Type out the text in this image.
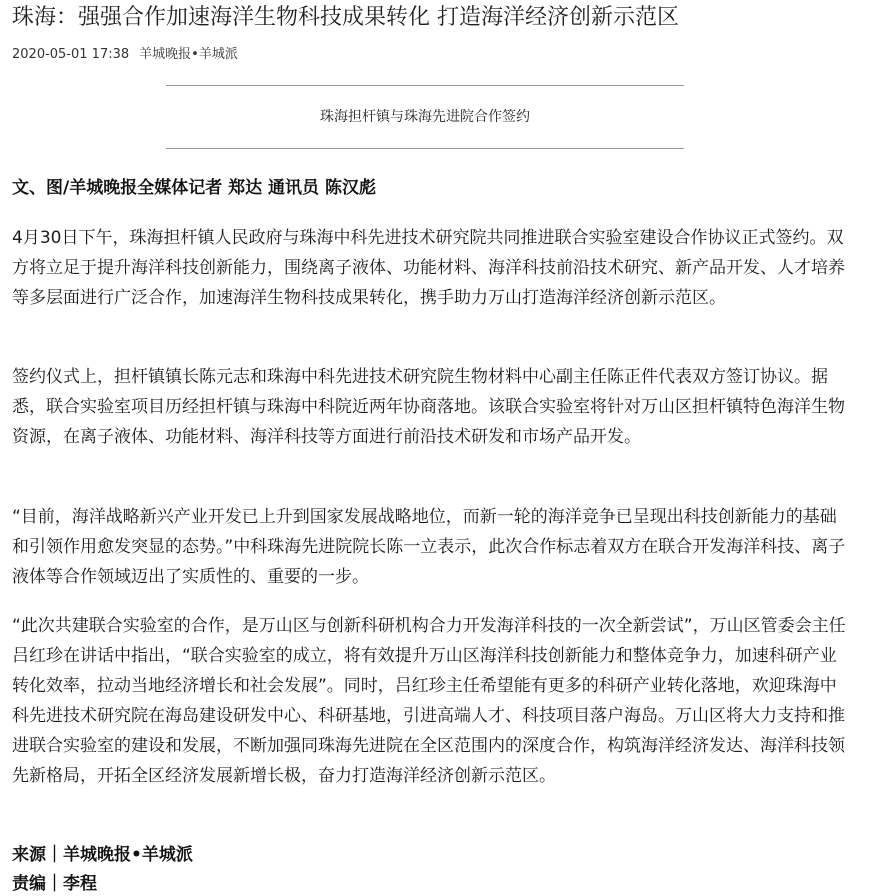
珠海：强强合作加速海洋生物科技成果转化 打造海洋经济创新示范区
2020-05-01 17:38 羊城晚报•羊城派
珠海担杆镇与珠海先进院合作签约
文、图/羊城晚报全媒体记者 郑达 通讯员 陈汉彪

4月30日下午，珠海担杆镇人民政府与珠海中科先进技术研究院共同推进联合实验室建设合作协议正式签约。双方将立足于提升海洋科技创新能力，围绕离子液体、功能材料、海洋科技前沿技术研究、新产品开发、人才培养等多层面进行广泛合作，加速海洋生物科技成果转化，携手助力万山打造海洋经济创新示范区。

签约仪式上，担杆镇镇长陈元志和珠海中科先进技术研究院生物材料中心副主任陈正件代表双方签订协议。据悉，联合实验室项目历经担杆镇与珠海中科院近两年协商落地。该联合实验室将针对万山区担杆镇特色海洋生物资源，在离子液体、功能材料、海洋科技等方面进行前沿技术研发和市场产品开发。

“目前，海洋战略新兴产业开发已上升到国家发展战略地位，而新一轮的海洋竞争已呈现出科技创新能力的基础和引领作用愈发突显的态势。”中科珠海先进院院长陈一立表示，此次合作标志着双方在联合开发海洋科技、离子液体等合作领域迈出了实质性的、重要的一步。

“此次共建联合实验室的合作，是万山区与创新科研机构合力开发海洋科技的一次全新尝试”，万山区管委会主任吕红珍在讲话中指出，“联合实验室的成立，将有效提升万山区海洋科技创新能力和整体竞争力，加速科研产业转化效率，拉动当地经济增长和社会发展”。同时，吕红珍主任希望能有更多的科研产业转化落地，欢迎珠海中科先进技术研究院在海岛建设研发中心、科研基地，引进高端人才、科技项目落户海岛。万山区将大力支持和推进联合实验室的建设和发展，不断加强同珠海先进院在全区范围内的深度合作，构筑海洋经济发达、海洋科技领先新格局，开拓全区经济发展新增长极，奋力打造海洋经济创新示范区。

来源｜羊城晚报•羊城派
责编｜李程
